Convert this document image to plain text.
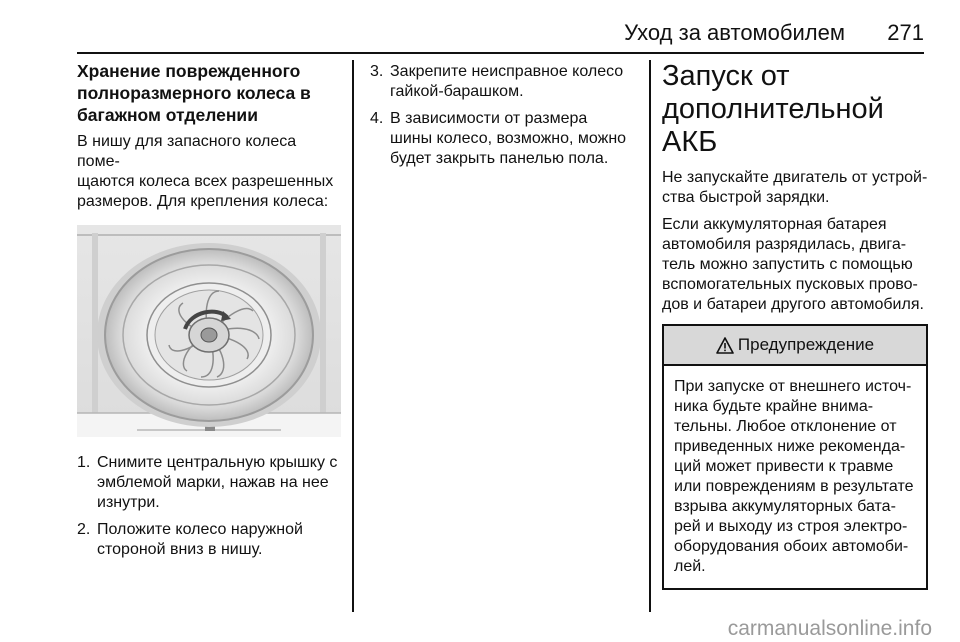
Уход за автомобилем 271
Хранение поврежденного
полноразмерного колеса в
багажном отделении

В нишу для запасного колеса поме-
щаются колеса всех разрешенных
размеров. Для крепления колеса:

1. Снимите центральную крышку с
эмблемой марки, нажав на нее
изнутри.
2. Положите колесо наружной
стороной вниз в нишу.
3. Закрепите неисправное колесо
гайкой-барашком.
4. В зависимости от размера
шины колесо, возможно, можно
будет закрыть панелью пола.
Запуск от
дополнительной АКБ

Не запускайте двигатель от устрой-
ства быстрой зарядки.

Если аккумуляторная батарея
автомобиля разрядилась, двига-
тель можно запустить с помощью
вспомогательных пусковых прово-
дов и батареи другого автомобиля.

Предупреждение
При запуске от внешнего источ-
ника будьте крайне внима-
тельны. Любое отклонение от
приведенных ниже рекоменда-
ций может привести к травме
или повреждениям в результате
взрыва аккумуляторных бата-
рей и выходу из строя электро-
оборудования обоих автомоби-
лей.
carmanualsonline.info
